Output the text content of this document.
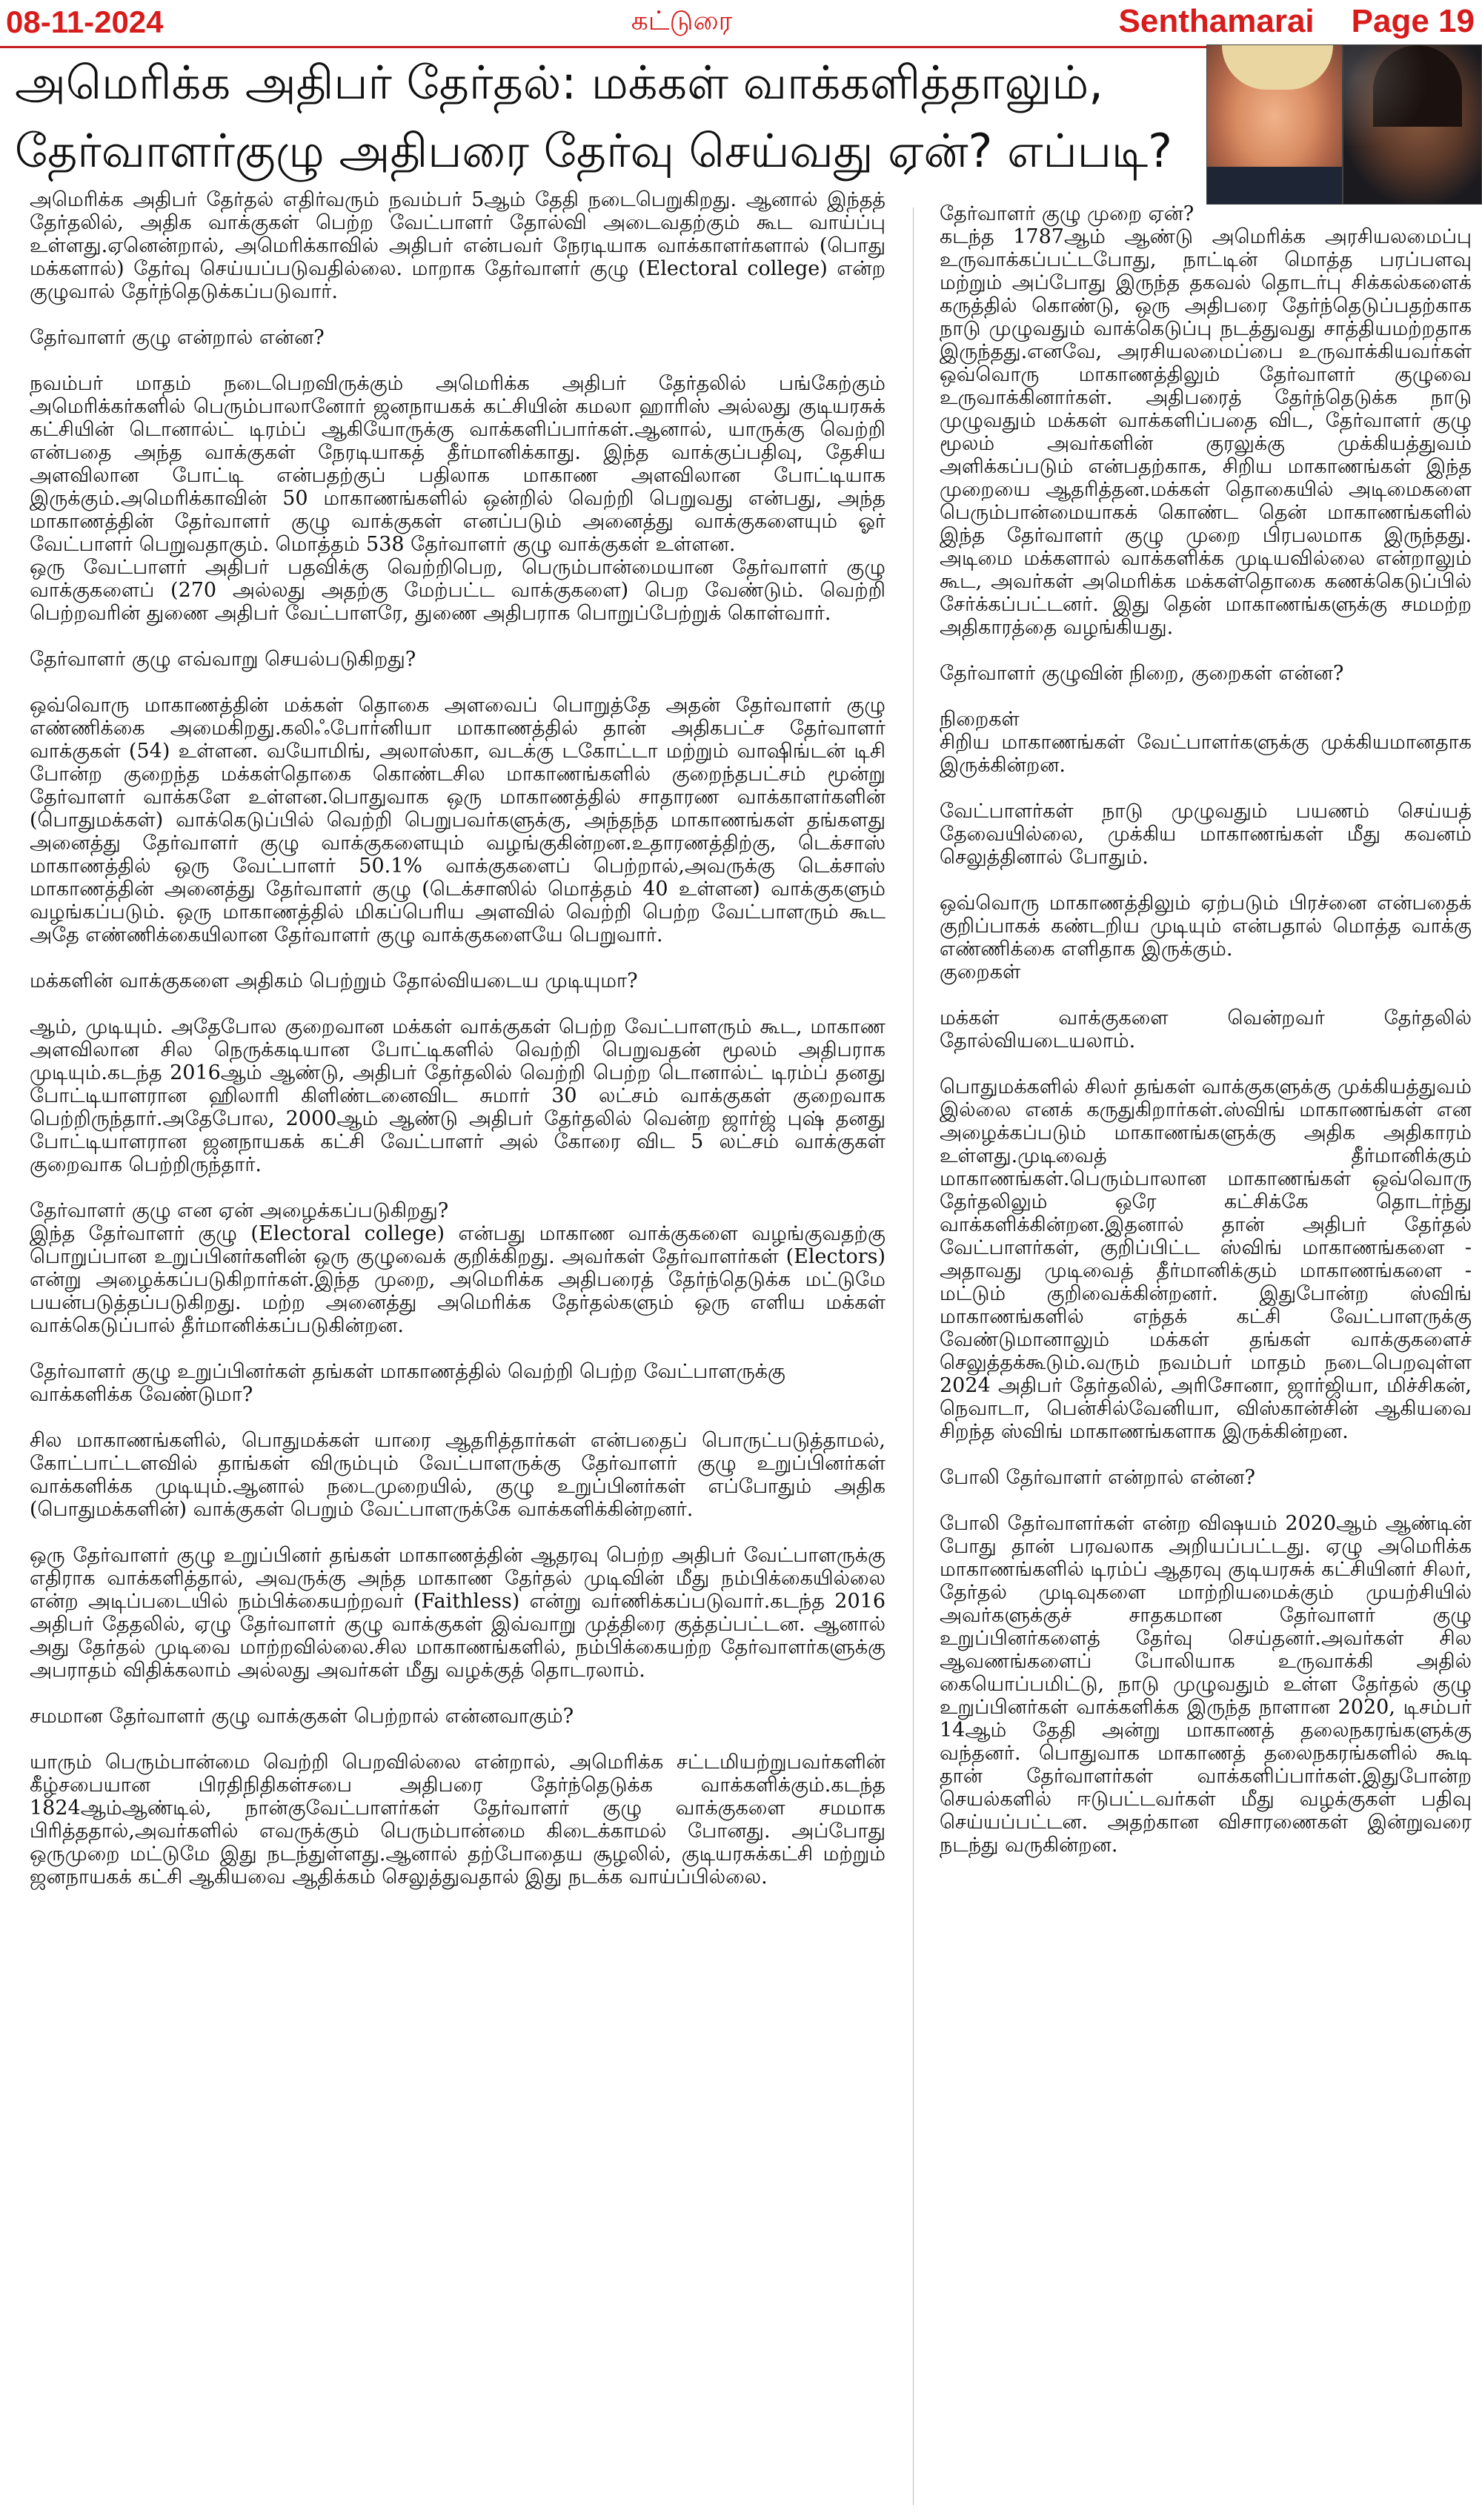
08-11-2024	கட்டுரை	Senthamarai Page 19
அமெரிக்க அதிபர் தேர்தல்: மக்கள் வாக்களித்தாலும்,
தேர்வாளர்குழு அதிபரை தேர்வு செய்வது ஏன்? எப்படி?

அமெரிக்க அதிபர் தேர்தல் எதிர்வரும் நவம்பர் 5ஆம் தேதி நடைபெறுகிறது. ஆனால் இந்தத் தேர்தலில், அதிக வாக்குகள் பெற்ற வேட்பாளர் தோல்வி அடைவதற்கும் கூட வாய்ப்பு உள்ளது.ஏனென்றால், அமெரிக்காவில் அதிபர் என்பவர் நேரடியாக வாக்காளர்களால் (பொது மக்களால்) தேர்வு செய்யப்படுவதில்லை. மாறாக தேர்வாளர் குழு (Electoral college) என்ற குழுவால் தேர்ந்தெடுக்கப்படுவார்.

தேர்வாளர் குழு என்றால் என்ன?

நவம்பர் மாதம் நடைபெறவிருக்கும் அமெரிக்க அதிபர் தேர்தலில் பங்கேற்கும் அமெரிக்கர்களில் பெரும்பாலானோர் ஜனநாயகக் கட்சியின் கமலா ஹாரிஸ் அல்லது குடியரசுக் கட்சியின் டொனால்ட் டிரம்ப் ஆகியோருக்கு வாக்களிப்பார்கள்.ஆனால், யாருக்கு வெற்றி என்பதை அந்த வாக்குகள் நேரடியாகத் தீர்மானிக்காது. இந்த வாக்குப்பதிவு, தேசிய அளவிலான போட்டி என்பதற்குப் பதிலாக மாகாண அளவிலான போட்டியாக இருக்கும்.அமெரிக்காவின் 50 மாகாணங்களில் ஒன்றில் வெற்றி பெறுவது என்பது, அந்த மாகாணத்தின் தேர்வாளர் குழு வாக்குகள் எனப்படும் அனைத்து வாக்குகளையும் ஓர் வேட்பாளர் பெறுவதாகும். மொத்தம் 538 தேர்வாளர் குழு வாக்குகள் உள்ளன.

ஒரு வேட்பாளர் அதிபர் பதவிக்கு வெற்றிபெற, பெரும்பான்மையான தேர்வாளர் குழு வாக்குகளைப் (270 அல்லது அதற்கு மேற்பட்ட வாக்குகளை) பெற வேண்டும். வெற்றி பெற்றவரின் துணை அதிபர் வேட்பாளரே, துணை அதிபராக பொறுப்பேற்றுக் கொள்வார்.

தேர்வாளர் குழு எவ்வாறு செயல்படுகிறது?

ஒவ்வொரு மாகாணத்தின் மக்கள் தொகை அளவைப் பொறுத்தே அதன் தேர்வாளர் குழு எண்ணிக்கை அமைகிறது.கலிஃபோர்னியா மாகாணத்தில் தான் அதிகபட்ச தேர்வாளர் வாக்குகள் (54) உள்ளன. வயோமிங், அலாஸ்கா, வடக்கு டகோட்டா மற்றும் வாஷிங்டன் டிசி போன்ற குறைந்த மக்கள்தொகை கொண்டசில மாகாணங்களில் குறைந்தபட்சம் மூன்று தேர்வாளர் வாக்களே உள்ளன.பொதுவாக ஒரு மாகாணத்தில் சாதாரண வாக்காளர்களின் (பொதுமக்கள்) வாக்கெடுப்பில் வெற்றி பெறுபவர்களுக்கு, அந்தந்த மாகாணங்கள் தங்களது அனைத்து தேர்வாளர் குழு வாக்குகளையும் வழங்குகின்றன.உதாரணத்திற்கு, டெக்சாஸ் மாகாணத்தில் ஒரு வேட்பாளர் 50.1% வாக்குகளைப் பெற்றால்,அவருக்கு டெக்சாஸ் மாகாணத்தின் அனைத்து தேர்வாளர் குழு (டெக்சாஸில் மொத்தம் 40 உள்ளன) வாக்குகளும் வழங்கப்படும். ஒரு மாகாணத்தில் மிகப்பெரிய அளவில் வெற்றி பெற்ற வேட்பாளரும் கூட அதே எண்ணிக்கையிலான தேர்வாளர் குழு வாக்குகளையே பெறுவார்.

மக்களின் வாக்குகளை அதிகம் பெற்றும் தோல்வியடைய முடியுமா?

ஆம், முடியும். அதேபோல குறைவான மக்கள் வாக்குகள் பெற்ற வேட்பாளரும் கூட, மாகாண அளவிலான சில நெருக்கடியான போட்டிகளில் வெற்றி பெறுவதன் மூலம் அதிபராக முடியும்.கடந்த 2016ஆம் ஆண்டு, அதிபர் தேர்தலில் வெற்றி பெற்ற டொனால்ட் டிரம்ப் தனது போட்டியாளரான ஹிலாரி கிளிண்டனைவிட சுமார் 30 லட்சம் வாக்குகள் குறைவாக பெற்றிருந்தார்.அதேபோல, 2000ஆம் ஆண்டு அதிபர் தேர்தலில் வென்ற ஜார்ஜ் புஷ் தனது போட்டியாளரான ஜனநாயகக் கட்சி வேட்பாளர் அல் கோரை விட 5 லட்சம் வாக்குகள் குறைவாக பெற்றிருந்தார்.

தேர்வாளர் குழு என ஏன் அழைக்கப்படுகிறது?

இந்த தேர்வாளர் குழு (Electoral college) என்பது மாகாண வாக்குகளை வழங்குவதற்கு பொறுப்பான உறுப்பினர்களின் ஒரு குழுவைக் குறிக்கிறது. அவர்கள் தேர்வாளர்கள் (Electors) என்று அழைக்கப்படுகிறார்கள்.இந்த முறை, அமெரிக்க அதிபரைத் தேர்ந்தெடுக்க மட்டுமே பயன்படுத்தப்படுகிறது. மற்ற அனைத்து அமெரிக்க தேர்தல்களும் ஒரு எளிய மக்கள் வாக்கெடுப்பால் தீர்மானிக்கப்படுகின்றன.

தேர்வாளர் குழு உறுப்பினர்கள் தங்கள் மாகாணத்தில் வெற்றி பெற்ற வேட்பாளருக்கு வாக்களிக்க வேண்டுமா?

சில மாகாணங்களில், பொதுமக்கள் யாரை ஆதரித்தார்கள் என்பதைப் பொருட்படுத்தாமல், கோட்பாட்டளவில் தாங்கள் விரும்பும் வேட்பாளருக்கு தேர்வாளர் குழு உறுப்பினர்கள் வாக்களிக்க முடியும்.ஆனால் நடைமுறையில், குழு உறுப்பினர்கள் எப்போதும் அதிக (பொதுமக்களின்) வாக்குகள் பெறும் வேட்பாளருக்கே வாக்களிக்கின்றனர்.

ஒரு தேர்வாளர் குழு உறுப்பினர் தங்கள் மாகாணத்தின் ஆதரவு பெற்ற அதிபர் வேட்பாளருக்கு எதிராக வாக்களித்தால், அவருக்கு அந்த மாகாண தேர்தல் முடிவின் மீது நம்பிக்கையில்லை என்ற அடிப்படையில் நம்பிக்கையற்றவர் (Faithless) என்று வர்ணிக்கப்படுவார்.கடந்த 2016 அதிபர் தேதலில், ஏழு தேர்வாளர் குழு வாக்குகள் இவ்வாறு முத்திரை குத்தப்பட்டன. ஆனால் அது தேர்தல் முடிவை மாற்றவில்லை.சில மாகாணங்களில், நம்பிக்கையற்ற தேர்வாளர்களுக்கு அபராதம் விதிக்கலாம் அல்லது அவர்கள் மீது வழக்குத் தொடரலாம்.

சமமான தேர்வாளர் குழு வாக்குகள் பெற்றால் என்னவாகும்?

யாரும் பெரும்பான்மை வெற்றி பெறவில்லை என்றால், அமெரிக்க சட்டமியற்றுபவர்களின் கீழ்சபையான பிரதிநிதிகள்சபை அதிபரை தேர்ந்தெடுக்க வாக்களிக்கும்.கடந்த 1824ஆம்ஆண்டில், நான்குவேட்பாளர்கள் தேர்வாளர் குழு வாக்குகளை சமமாக பிரித்ததால்,அவர்களில் எவருக்கும் பெரும்பான்மை கிடைக்காமல் போனது. அப்போது ஒருமுறை மட்டுமே இது நடந்துள்ளது.ஆனால் தற்போதைய சூழலில், குடியரசுக்கட்சி மற்றும் ஜனநாயகக் கட்சி ஆகியவை ஆதிக்கம் செலுத்துவதால் இது நடக்க வாய்ப்பில்லை.

தேர்வாளர் குழு முறை ஏன்?

கடந்த 1787ஆம் ஆண்டு அமெரிக்க அரசியலமைப்பு உருவாக்கப்பட்டபோது, நாட்டின் மொத்த பரப்பளவு மற்றும் அப்போது இருந்த தகவல் தொடர்பு சிக்கல்களைக் கருத்தில் கொண்டு, ஒரு அதிபரை தேர்ந்தெடுப்பதற்காக நாடு முழுவதும் வாக்கெடுப்பு நடத்துவது சாத்தியமற்றதாக இருந்தது.எனவே, அரசியலமைப்பை உருவாக்கியவர்கள் ஒவ்வொரு மாகாணத்திலும் தேர்வாளர் குழுவை உருவாக்கினார்கள். அதிபரைத் தேர்ந்தெடுக்க நாடு முழுவதும் மக்கள் வாக்களிப்பதை விட, தேர்வாளர் குழு மூலம் அவர்களின் குரலுக்கு முக்கியத்துவம் அளிக்கப்படும் என்பதற்காக, சிறிய மாகாணங்கள் இந்த முறையை ஆதரித்தன.மக்கள் தொகையில் அடிமைகளை பெரும்பான்மையாகக் கொண்ட தென் மாகாணங்களில் இந்த தேர்வாளர் குழு முறை பிரபலமாக இருந்தது. அடிமை மக்களால் வாக்களிக்க முடியவில்லை என்றாலும் கூட, அவர்கள் அமெரிக்க மக்கள்தொகை கணக்கெடுப்பில் சேர்க்கப்பட்டனர். இது தென் மாகாணங்களுக்கு சமமற்ற அதிகாரத்தை வழங்கியது.

தேர்வாளர் குழுவின் நிறை, குறைகள் என்ன?

நிறைகள்

சிறிய மாகாணங்கள் வேட்பாளர்களுக்கு முக்கியமானதாக இருக்கின்றன.

வேட்பாளர்கள் நாடு முழுவதும் பயணம் செய்யத் தேவையில்லை, முக்கிய மாகாணங்கள் மீது கவனம் செலுத்தினால் போதும்.

ஒவ்வொரு மாகாணத்திலும் ஏற்படும் பிரச்னை என்பதைக் குறிப்பாகக் கண்டறிய முடியும் என்பதால் மொத்த வாக்கு எண்ணிக்கை எளிதாக இருக்கும்.

குறைகள்

மக்கள் வாக்குகளை வென்றவர் தேர்தலில் தோல்வியடையலாம்.

பொதுமக்களில் சிலர் தங்கள் வாக்குகளுக்கு முக்கியத்துவம் இல்லை எனக் கருதுகிறார்கள்.ஸ்விங் மாகாணங்கள் என அழைக்கப்படும் மாகாணங்களுக்கு அதிக அதிகாரம் உள்ளது.முடிவைத் தீர்மானிக்கும் மாகாணங்கள்.பெரும்பாலான மாகாணங்கள் ஒவ்வொரு தேர்தலிலும் ஒரே கட்சிக்கே தொடர்ந்து வாக்களிக்கின்றன.இதனால் தான் அதிபர் தேர்தல் வேட்பாளர்கள், குறிப்பிட்ட ஸ்விங் மாகாணங்களை - அதாவது முடிவைத் தீர்மானிக்கும் மாகாணங்களை - மட்டும் குறிவைக்கின்றனர். இதுபோன்ற ஸ்விங் மாகாணங்களில் எந்தக் கட்சி வேட்பாளருக்கு வேண்டுமானாலும் மக்கள் தங்கள் வாக்குகளைச் செலுத்தக்கூடும்.வரும் நவம்பர் மாதம் நடைபெறவுள்ள 2024 அதிபர் தேர்தலில், அரிசோனா, ஜார்ஜியா, மிச்சிகன், நெவாடா, பென்சில்வேனியா, விஸ்கான்சின் ஆகியவை சிறந்த ஸ்விங் மாகாணங்களாக இருக்கின்றன.

போலி தேர்வாளர் என்றால் என்ன?

போலி தேர்வாளர்கள் என்ற விஷயம் 2020ஆம் ஆண்டின் போது தான் பரவலாக அறியப்பட்டது. ஏழு அமெரிக்க மாகாணங்களில் டிரம்ப் ஆதரவு குடியரசுக் கட்சியினர் சிலர், தேர்தல் முடிவுகளை மாற்றியமைக்கும் முயற்சியில் அவர்களுக்குச் சாதகமான தேர்வாளர் குழு உறுப்பினர்களைத் தேர்வு செய்தனர்.அவர்கள் சில ஆவணங்களைப் போலியாக உருவாக்கி அதில் கையொப்பமிட்டு, நாடு முழுவதும் உள்ள தேர்தல் குழு உறுப்பினர்கள் வாக்களிக்க இருந்த நாளான 2020, டிசம்பர் 14ஆம் தேதி அன்று மாகாணத் தலைநகரங்களுக்கு வந்தனர். பொதுவாக மாகாணத் தலைநகரங்களில் கூடி தான் தேர்வாளர்கள் வாக்களிப்பார்கள்.இதுபோன்ற செயல்களில் ஈடுபட்டவர்கள் மீது வழக்குகள் பதிவு செய்யப்பட்டன. அதற்கான விசாரணைகள் இன்றுவரை நடந்து வருகின்றன.
